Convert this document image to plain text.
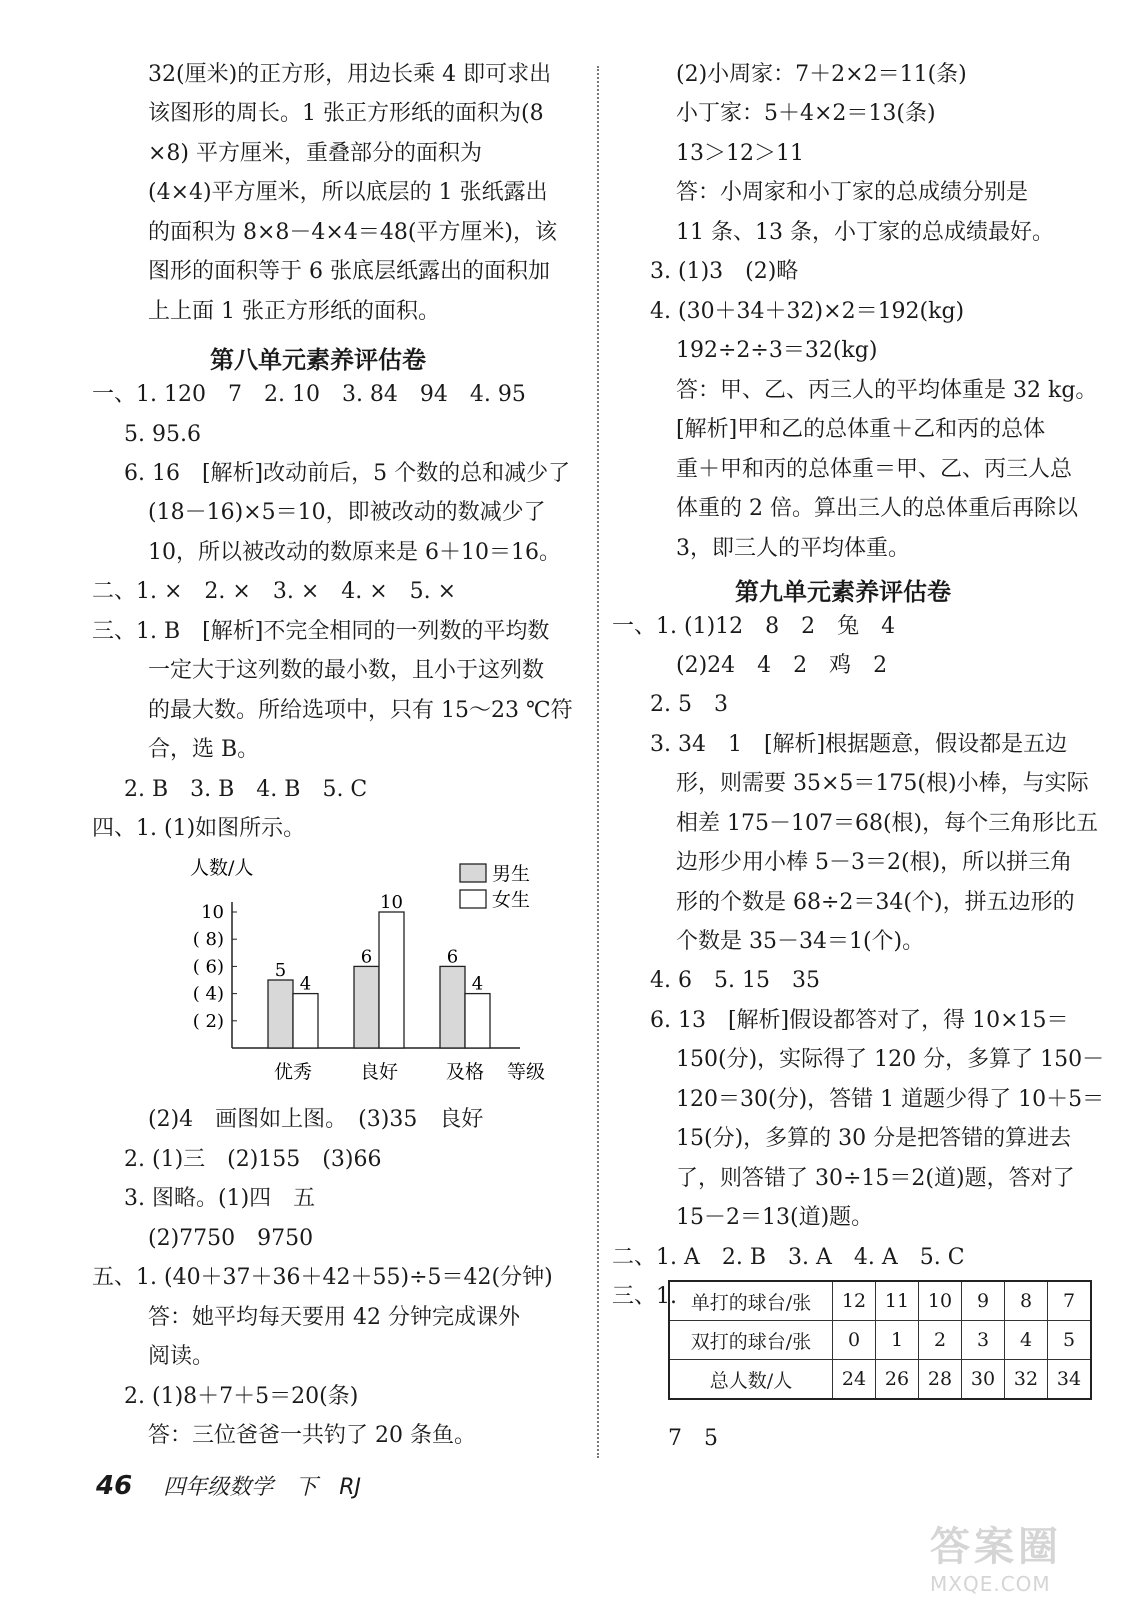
32(厘米)的正方形，用边长乘 4 即可求出
该图形的周长。1 张正方形纸的面积为(8
×8) 平方厘米，重叠部分的面积为
(4×4)平方厘米，所以底层的 1 张纸露出
的面积为 8×8－4×4＝48(平方厘米)，该
图形的面积等于 6 张底层纸露出的面积加
上上面 1 张正方形纸的面积。
第八单元素养评估卷
一、1. 120　7　2. 10　3. 84　94　4. 95
5. 95.6
6. 16　[解析]改动前后，5 个数的总和减少了
(18－16)×5＝10，即被改动的数减少了
10，所以被改动的数原来是 6＋10＝16。
二、1. ×　2. ×　3. ×　4. ×　5. ×
三、1. B　[解析]不完全相同的一列数的平均数
一定大于这列数的最小数，且小于这列数
的最大数。所给选项中，只有 15～23 ℃符
合，选 B。
2. B　3. B　4. B　5. C
四、1. (1)如图所示。
人数/人
( 2)
( 4)
( 6)
( 8)
10
5
4
优秀
6
10
良好
6
4
及格 等级
男生
女生
(2)4　画图如上图。　(3)35　良好
2. (1)三　(2)155　(3)66
3. 图略。(1)四　五
(2)7750　9750
五、1. (40＋37＋36＋42＋55)÷5＝42(分钟)
答：她平均每天要用 42 分钟完成课外
阅读。
2. (1)8＋7＋5＝20(条)
答：三位爸爸一共钓了 20 条鱼。
(2)小周家：7＋2×2＝11(条)
小丁家：5＋4×2＝13(条)
13＞12＞11
答：小周家和小丁家的总成绩分别是
11 条、13 条，小丁家的总成绩最好。
3. (1)3　(2)略
4. (30＋34＋32)×2＝192(kg)
192÷2÷3＝32(kg)
答：甲、乙、丙三人的平均体重是 32 kg。
[解析]甲和乙的总体重＋乙和丙的总体
重＋甲和丙的总体重＝甲、乙、丙三人总
体重的 2 倍。算出三人的总体重后再除以
3，即三人的平均体重。
第九单元素养评估卷
一、1. (1)12　8　2　兔　4
(2)24　4　2　鸡　2
2. 5　3
3. 34　1　[解析]根据题意，假设都是五边
形，则需要 35×5＝175(根)小棒，与实际
相差 175－107＝68(根)，每个三角形比五
边形少用小棒 5－3＝2(根)，所以拼三角
形的个数是 68÷2＝34(个)，拼五边形的
个数是 35－34＝1(个)。
4. 6　5. 15　35
6. 13　[解析]假设都答对了，得 10×15＝
150(分)，实际得了 120 分，多算了 150－
120＝30(分)，答错 1 道题少得了 10＋5＝
15(分)，多算的 30 分是把答错的算进去
了，则答错了 30÷15＝2(道)题，答对了
15－2＝13(道)题。
二、1. A　2. B　3. A　4. A　5. C
三、1. 单打的球台/张	12	11	10	9	8	7
双打的球台/张	0	1	2	3	4	5
总人数/人	24	26	28	30	32	34
7　5
46 四年级数学　下　RJ
答案圈
MXQE.COM
